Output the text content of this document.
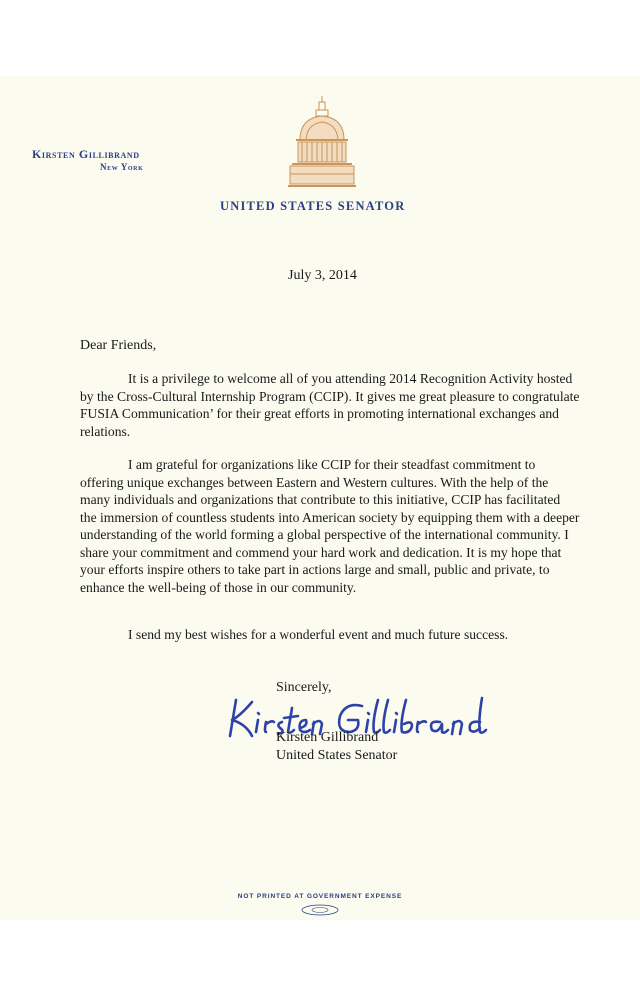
Kirsten Gillibrand
New York
UNITED STATES SENATOR
July 3, 2014
Dear Friends,

It is a privilege to welcome all of you attending 2014 Recognition Activity hosted by the Cross-Cultural Internship Program (CCIP). It gives me great pleasure to congratulate FUSIA Communication’ for their great efforts in promoting international exchanges and relations.

I am grateful for organizations like CCIP for their steadfast commitment to offering unique exchanges between Eastern and Western cultures. With the help of the many individuals and organizations that contribute to this initiative, CCIP has facilitated the immersion of countless students into American society by equipping them with a deeper understanding of the world forming a global perspective of the international community. I share your commitment and commend your hard work and dedication. It is my hope that your efforts inspire others to take part in actions large and small, public and private, to enhance the well-being of those in our community.

I send my best wishes for a wonderful event and much future success.

Sincerely,
Kirsten Gillibrand
United States Senator
NOT PRINTED AT GOVERNMENT EXPENSE
